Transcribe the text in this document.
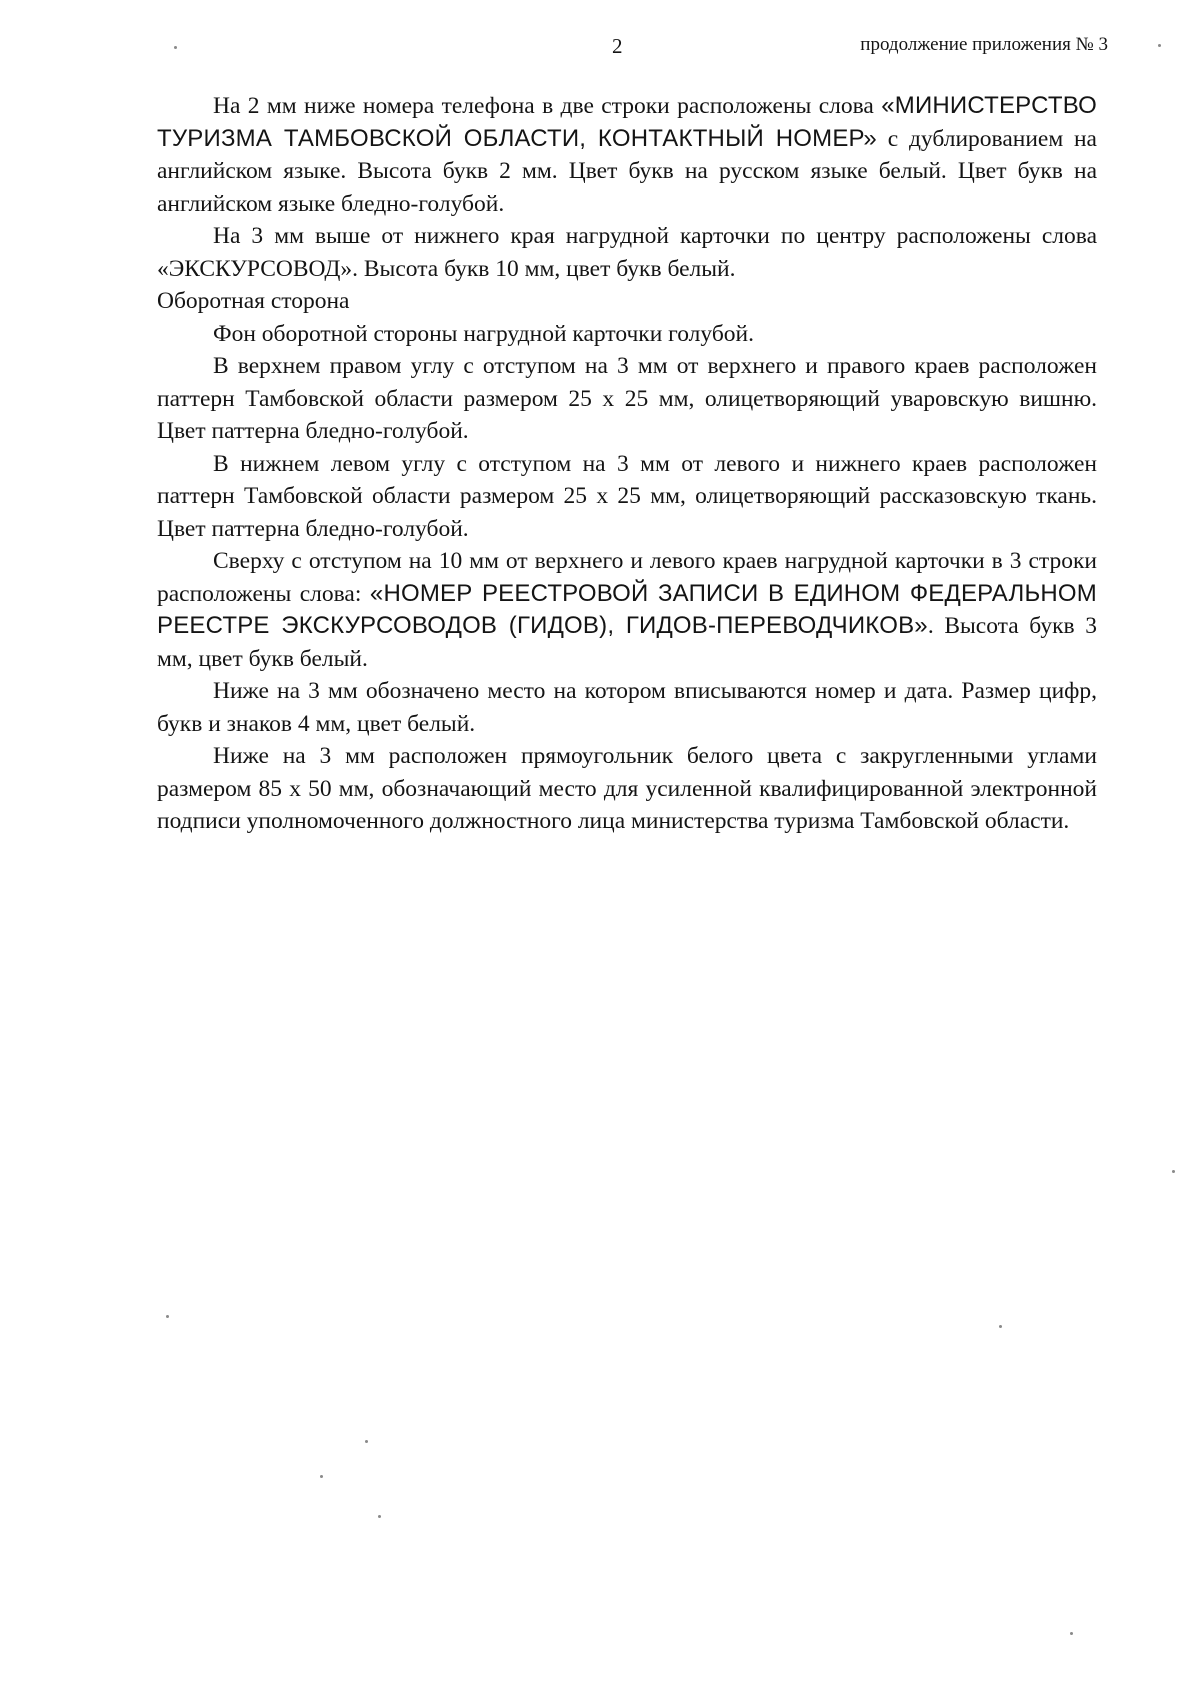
2	продолжение приложения № 3

На 2 мм ниже номера телефона в две строки расположены слова «МИНИСТЕРСТВО ТУРИЗМА ТАМБОВСКОЙ ОБЛАСТИ, КОНТАКТНЫЙ НОМЕР» с дублированием на английском языке. Высота букв 2 мм. Цвет букв на русском языке белый. Цвет букв на английском языке бледно-голубой.

На 3 мм выше от нижнего края нагрудной карточки по центру расположены слова «ЭКСКУРСОВОД». Высота букв 10 мм, цвет букв белый.

Оборотная сторона

Фон оборотной стороны нагрудной карточки голубой.

В верхнем правом углу с отступом на 3 мм от верхнего и правого краев расположен паттерн Тамбовской области размером 25 х 25 мм, олицетворяющий уваровскую вишню. Цвет паттерна бледно-голубой.

В нижнем левом углу с отступом на 3 мм от левого и нижнего краев расположен паттерн Тамбовской области размером 25 х 25 мм, олицетворяющий рассказовскую ткань. Цвет паттерна бледно-голубой.

Сверху с отступом на 10 мм от верхнего и левого краев нагрудной карточки в 3 строки расположены слова: «НОМЕР РЕЕСТРОВОЙ ЗАПИСИ В ЕДИНОМ ФЕДЕРАЛЬНОМ РЕЕСТРЕ ЭКСКУРСОВОДОВ (ГИДОВ), ГИДОВ-ПЕРЕВОДЧИКОВ». Высота букв 3 мм, цвет букв белый.

Ниже на 3 мм обозначено место на котором вписываются номер и дата. Размер цифр, букв и знаков 4 мм, цвет белый.

Ниже на 3 мм расположен прямоугольник белого цвета с закругленными углами размером 85 х 50 мм, обозначающий место для усиленной квалифицированной электронной подписи уполномоченного должностного лица министерства туризма Тамбовской области.
